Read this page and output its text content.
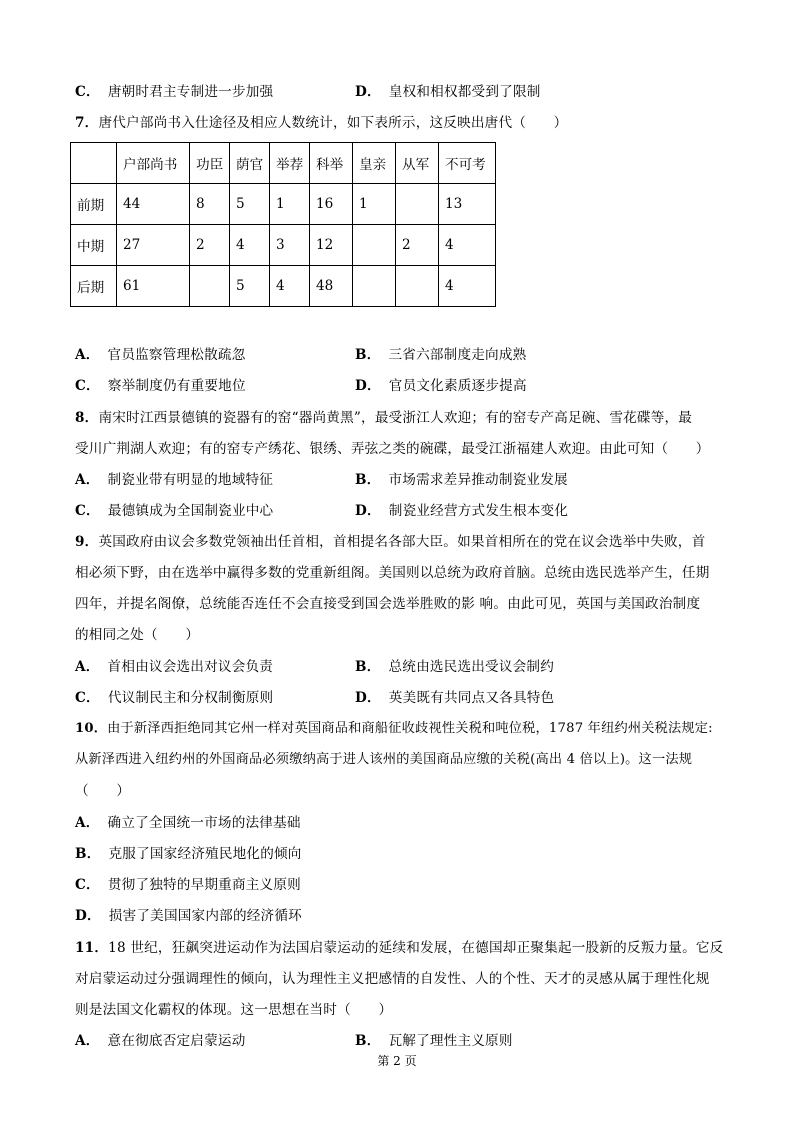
C． 唐朝时君主专制进一步加强	D． 皇权和相权都受到了限制
7．唐代户部尚书入仕途径及相应人数统计，如下表所示，这反映出唐代（　　）
	户部尚书	功臣	荫官	举荐	科举	皇亲	从军	不可考
前期	44	8	5	1	16	1		13
中期	27	2	4	3	12		2	4
后期	61		5	4	48			4
A． 官员监察管理松散疏忽	B． 三省六部制度走向成熟
C． 察举制度仍有重要地位	D． 官员文化素质逐步提高
8．南宋时江西景德镇的瓷器有的窑“器尚黄黑”，最受浙江人欢迎；有的窑专产高足碗、雪花碟等，最
受川广荆湖人欢迎；有的窑专产绣花、银绣、弄弦之类的碗碟，最受江浙福建人欢迎。由此可知（　　）
A． 制瓷业带有明显的地域特征	B． 市场需求差异推动制瓷业发展
C． 最德镇成为全国制瓷业中心	D． 制瓷业经营方式发生根本变化
9．英国政府由议会多数党领袖出任首相，首相提名各部大臣。如果首相所在的党在议会选举中失败，首
相必须下野，由在选举中赢得多数的党重新组阁。美国则以总统为政府首脑。总统由选民选举产生，任期
四年，并提名阁僚，总统能否连任不会直接受到国会选举胜败的影 响。由此可见，英国与美国政治制度
的相同之处（　　）
A． 首相由议会选出对议会负责	B． 总统由选民选出受议会制约
C． 代议制民主和分权制衡原则	D． 英美既有共同点又各具特色
10．由于新泽西拒绝同其它州一样对英国商品和商船征收歧视性关税和吨位税，1787 年纽约州关税法规定:
从新泽西进入纽约州的外国商品必须缴纳高于进人该州的美国商品应缴的关税(高出 4 倍以上)。这一法规
（　　）
A． 确立了全国统一市场的法律基础
B． 克服了国家经济殖民地化的倾向
C． 贯彻了独特的早期重商主义原则
D． 损害了美国国家内部的经济循环
11．18 世纪，狂飙突进运动作为法国启蒙运动的延续和发展，在德国却正聚集起一股新的反叛力量。它反
对启蒙运动过分强调理性的倾向，认为理性主义把感情的自发性、人的个性、天才的灵感从属于理性化规
则是法国文化霸权的体现。这一思想在当时（　　）
A． 意在彻底否定启蒙运动	B． 瓦解了理性主义原则
第 2 页
